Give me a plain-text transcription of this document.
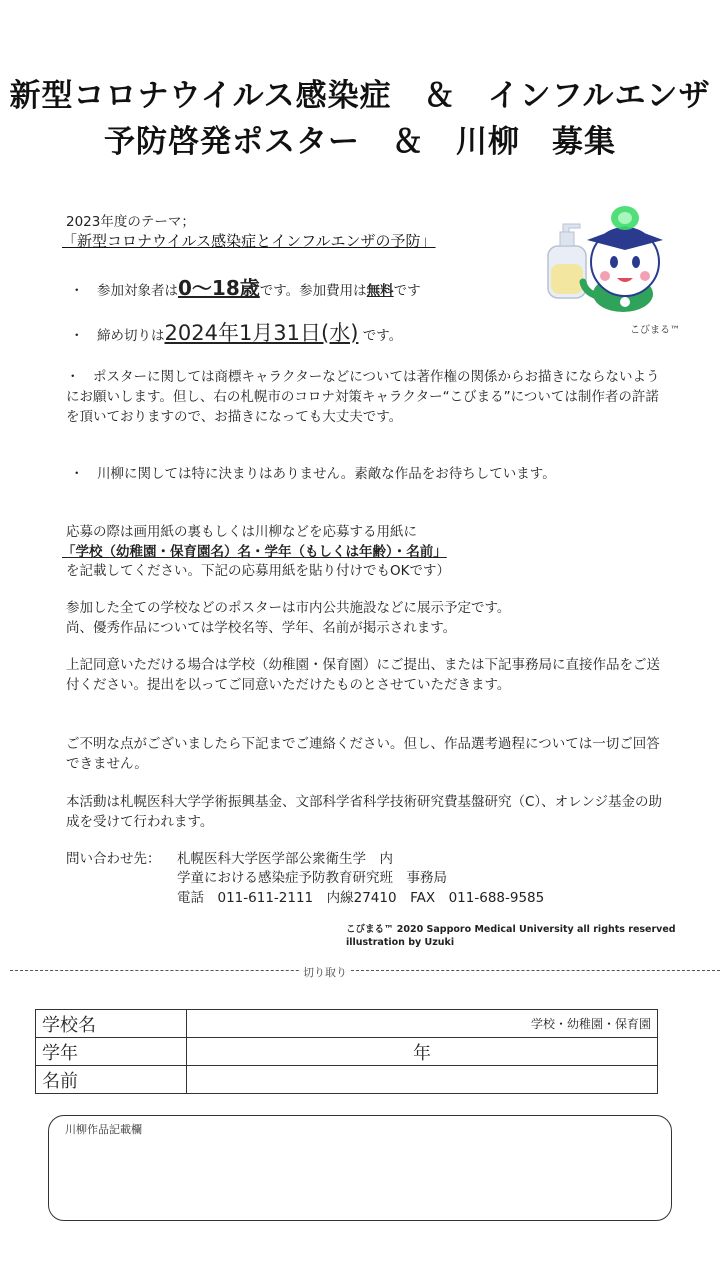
新型コロナウイルス感染症　＆　インフルエンザ
予防啓発ポスター　＆　川柳　募集
2023年度のテーマ；
「新型コロナウイルス感染症とインフルエンザの予防」
・　参加対象者は0〜18歳です。参加費用は無料です
・　締め切りは2024年1月31日(水) です。
・　ポスターに関しては商標キャラクターなどについては著作権の関係からお描きにならないようにお願いします。但し、右の札幌市のコロナ対策キャラクター“こびまる”については制作者の許諾を頂いておりますので、お描きになっても大丈夫です。
・　川柳に関しては特に決まりはありません。素敵な作品をお待ちしています。
応募の際は画用紙の裏もしくは川柳などを応募する用紙に
「学校（幼稚園・保育園名）名・学年（もしくは年齢）・名前」
を記載してください。下記の応募用紙を貼り付けでもOKです）
参加した全ての学校などのポスターは市内公共施設などに展示予定です。
尚、優秀作品については学校名等、学年、名前が掲示されます。
上記同意いただける場合は学校（幼稚園・保育園）にご提出、または下記事務局に直接作品をご送付ください。提出を以ってご同意いただけたものとさせていただきます。
ご不明な点がございましたら下記までご連絡ください。但し、作品選考過程については一切ご回答できません。
本活動は札幌医科大学学術振興基金、文部科学省科学技術研究費基盤研究（C）、オレンジ基金の助成を受けて行われます。
問い合わせ先： 札幌医科大学医学部公衆衛生学　内
学童における感染症予防教育研究班　事務局
電話　011-611-2111　内線27410　FAX　011-688-9585
こびまる™ 2020 Sapporo Medical University all rights reserved
illustration by Uzuki
こびまる™
切り取り
学校名	学校・幼稚園・保育園
学年	年
名前	
川柳作品記載欄
